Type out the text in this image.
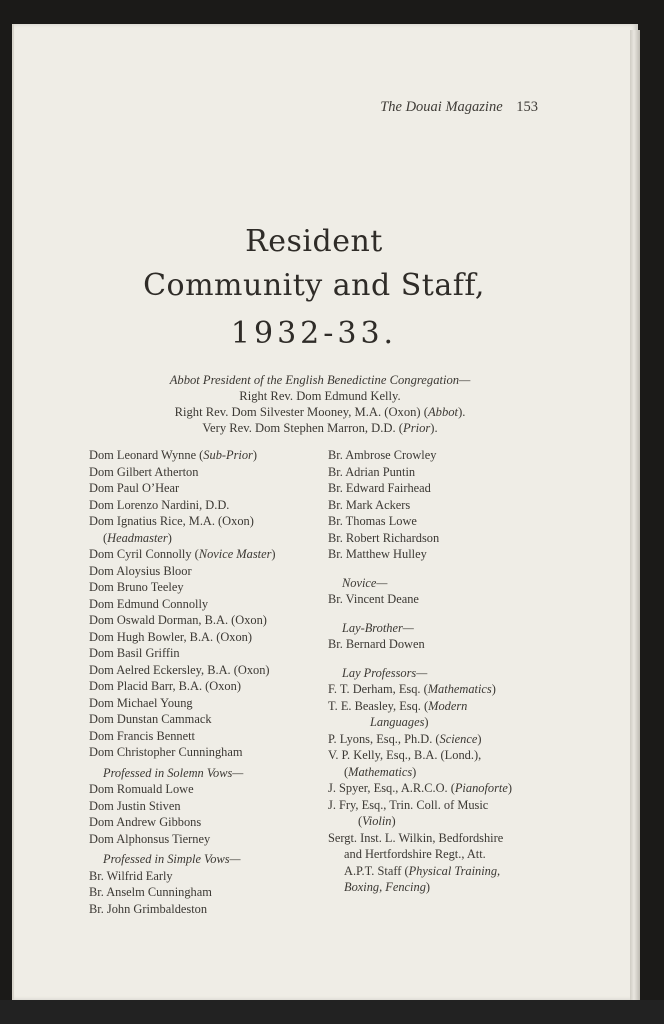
The Douai Magazine 153
Resident
Community and Staff,
1932-33.
Abbot President of the English Benedictine Congregation—
Right Rev. Dom Edmund Kelly.
Right Rev. Dom Silvester Mooney, M.A. (Oxon) (Abbot).
Very Rev. Dom Stephen Marron, D.D. (Prior).
Dom Leonard Wynne (Sub-Prior)
Dom Gilbert Atherton
Dom Paul O’Hear
Dom Lorenzo Nardini, D.D.
Dom Ignatius Rice, M.A. (Oxon)
(Headmaster)
Dom Cyril Connolly (Novice Master)
Dom Aloysius Bloor
Dom Bruno Teeley
Dom Edmund Connolly
Dom Oswald Dorman, B.A. (Oxon)
Dom Hugh Bowler, B.A. (Oxon)
Dom Basil Griffin
Dom Aelred Eckersley, B.A. (Oxon)
Dom Placid Barr, B.A. (Oxon)
Dom Michael Young
Dom Dunstan Cammack
Dom Francis Bennett
Dom Christopher Cunningham
Professed in Solemn Vows—
Dom Romuald Lowe
Dom Justin Stiven
Dom Andrew Gibbons
Dom Alphonsus Tierney
Professed in Simple Vows—
Br. Wilfrid Early
Br. Anselm Cunningham
Br. John Grimbaldeston
Br. Ambrose Crowley
Br. Adrian Puntin
Br. Edward Fairhead
Br. Mark Ackers
Br. Thomas Lowe
Br. Robert Richardson
Br. Matthew Hulley
Novice—
Br. Vincent Deane
Lay-Brother—
Br. Bernard Dowen
Lay Professors—
F. T. Derham, Esq. (Mathematics)
T. E. Beasley, Esq. (Modern
Languages)
P. Lyons, Esq., Ph.D. (Science)
V. P. Kelly, Esq., B.A. (Lond.),
(Mathematics)
J. Spyer, Esq., A.R.C.O. (Pianoforte)
J. Fry, Esq., Trin. Coll. of Music
(Violin)
Sergt. Inst. L. Wilkin, Bedfordshire
and Hertfordshire Regt., Att.
A.P.T. Staff (Physical Training,
Boxing, Fencing)
